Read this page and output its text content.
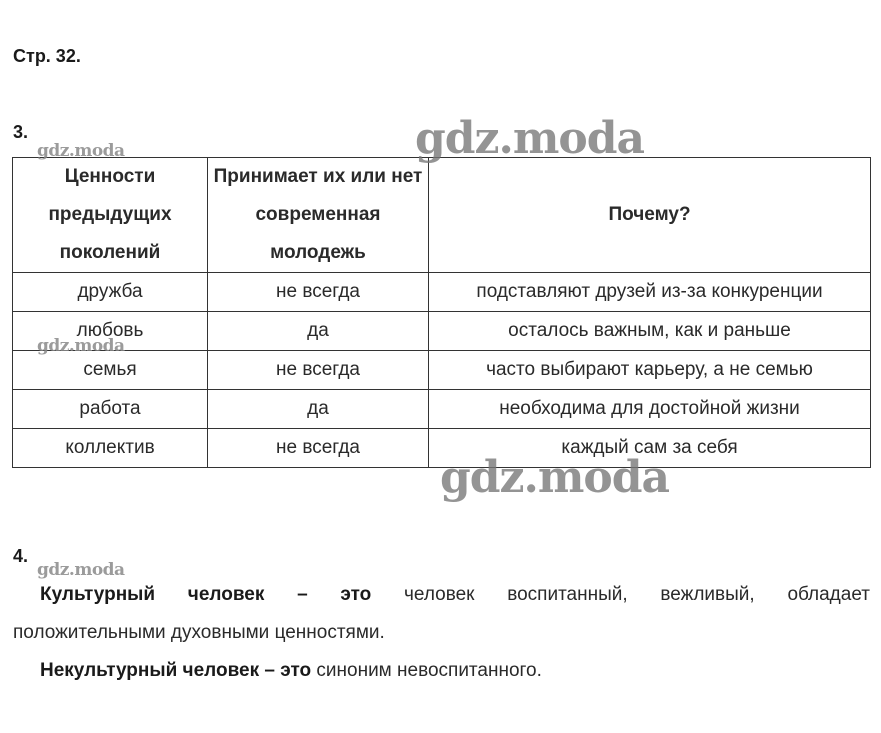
Стр. 32.
3.
Ценности предыдущих поколений	Принимает их или нет современная молодежь	Почему?
дружба	не всегда	подставляют друзей из-за конкуренции
любовь	да	осталось важным, как и раньше
семья	не всегда	часто выбирают карьеру, а не семью
работа	да	необходима для достойной жизни
коллектив	не всегда	каждый сам за себя
4.
Культурный человек – это человек воспитанный, вежливый, обладает
положительными духовными ценностями.
Некультурный человек – это синоним невоспитанного.
gdz.moda	gdz.moda
gdz.moda
gdz.moda
gdz.moda
